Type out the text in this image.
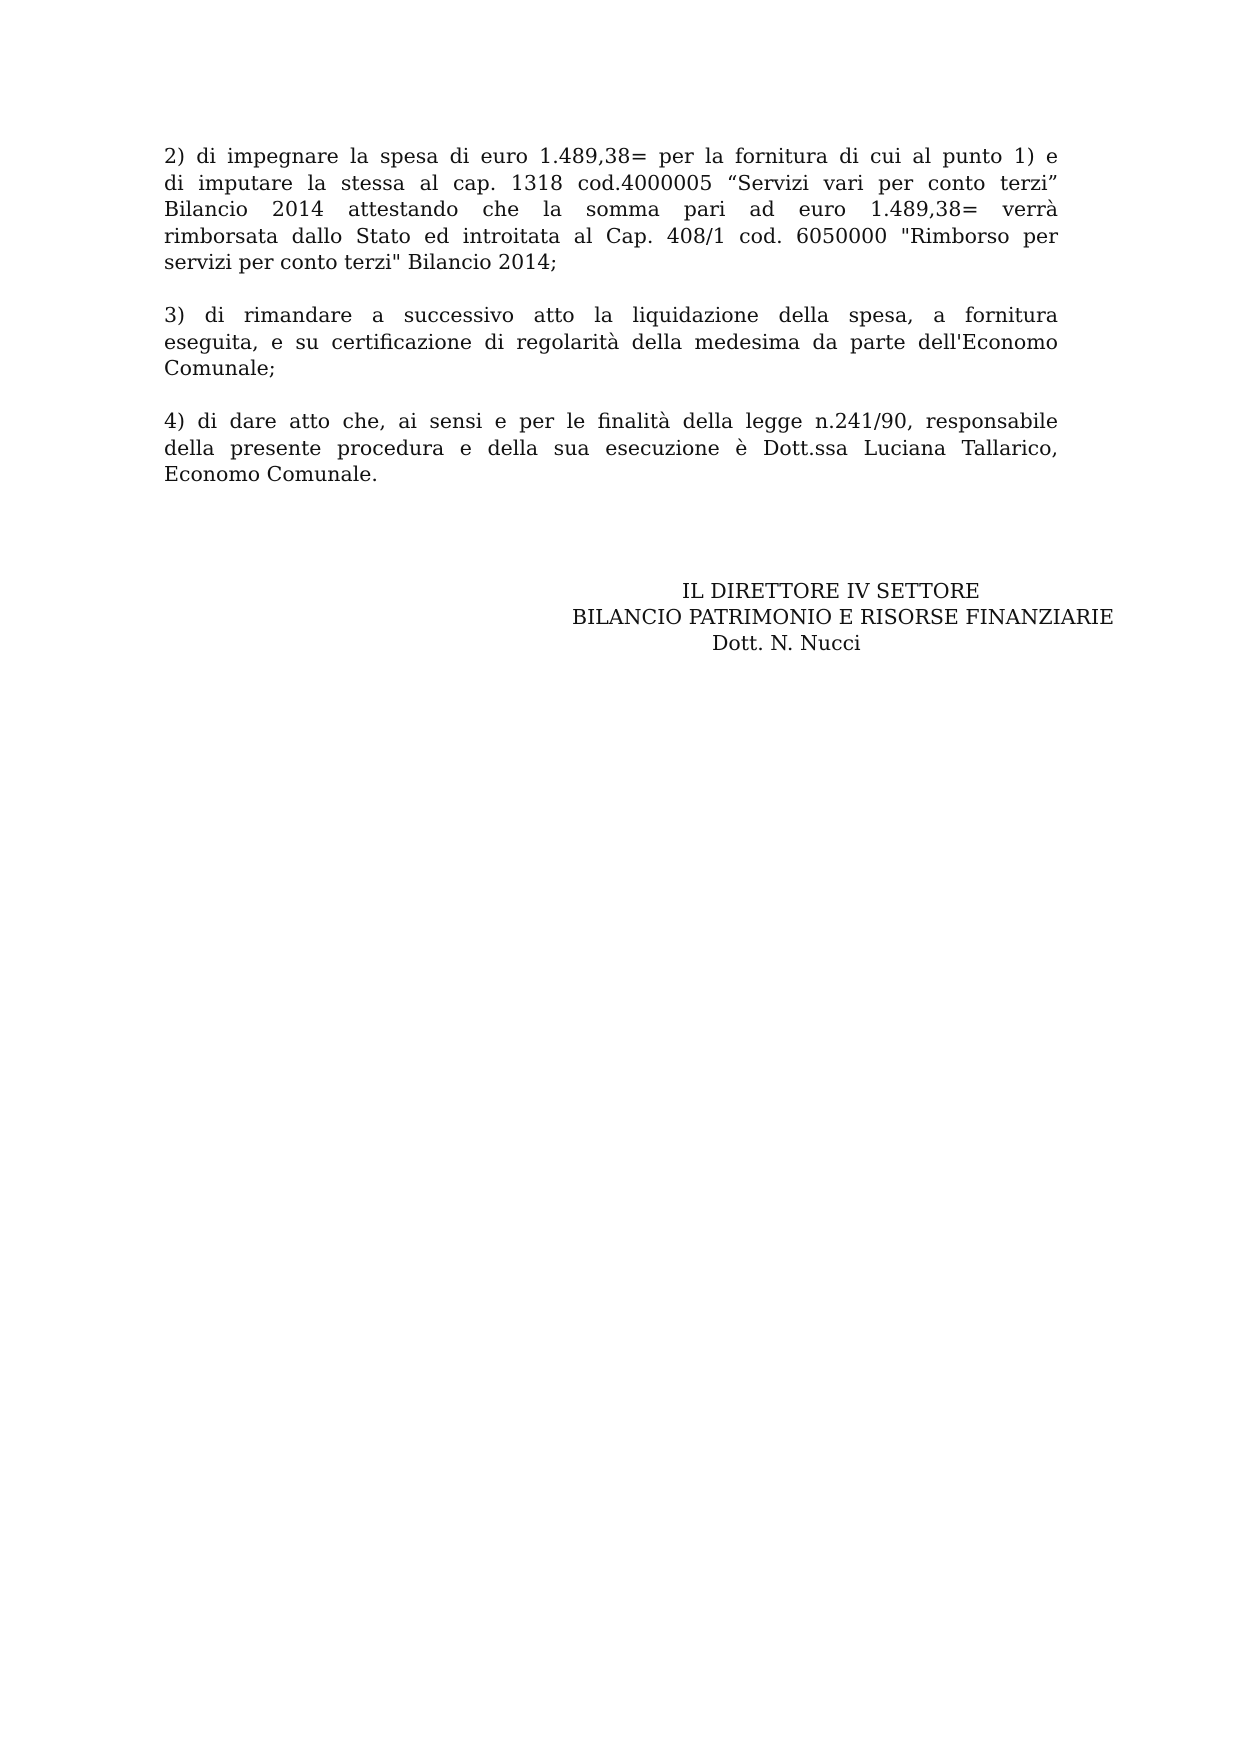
2) di impegnare la spesa di euro 1.489,38= per la fornitura di cui al punto 1) e
di imputare la stessa al cap. 1318 cod.4000005 “Servizi vari per conto terzi”
Bilancio 2014 attestando che la somma pari ad euro 1.489,38= verrà
rimborsata dallo Stato ed introitata al Cap. 408/1 cod. 6050000 "Rimborso per
servizi per conto terzi" Bilancio 2014;
3) di rimandare a successivo atto la liquidazione della spesa, a fornitura
eseguita, e su certificazione di regolarità della medesima da parte dell'Economo
Comunale;
4) di dare atto che, ai sensi e per le finalità della legge n.241/90, responsabile
della presente procedura e della sua esecuzione è Dott.ssa Luciana Tallarico,
Economo Comunale.
IL DIRETTORE IV SETTORE
BILANCIO PATRIMONIO E RISORSE FINANZIARIE
Dott. N. Nucci
